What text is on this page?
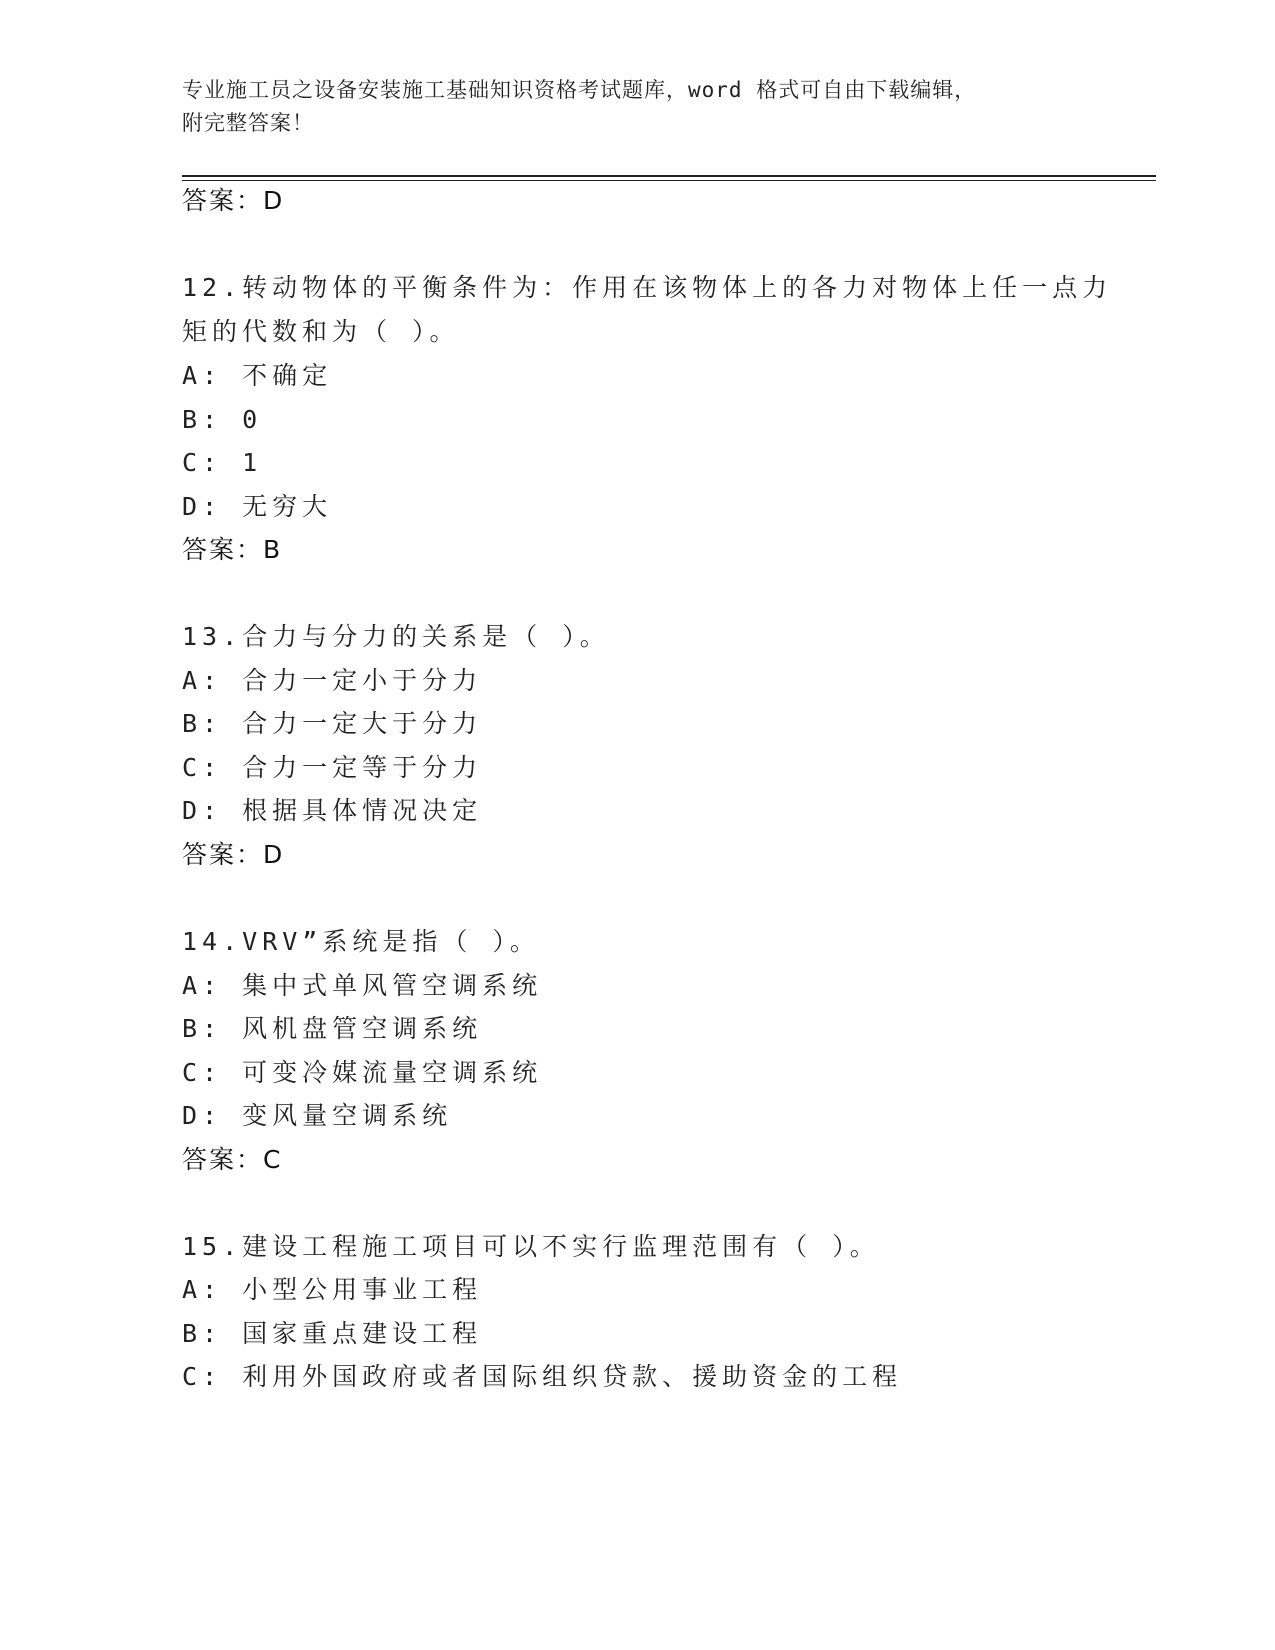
专业施工员之设备安装施工基础知识资格考试题库，word 格式可自由下载编辑，
附完整答案！
答案：D
12.转动物体的平衡条件为：作用在该物体上的各力对物体上任一点力
矩的代数和为（ ）。
A: 不确定
B: 0
C: 1
D: 无穷大
答案：B
13.合力与分力的关系是（ ）。
A: 合力一定小于分力
B: 合力一定大于分力
C: 合力一定等于分力
D: 根据具体情况决定
答案：D
14.VRV”系统是指（ ）。
A: 集中式单风管空调系统
B: 风机盘管空调系统
C: 可变冷媒流量空调系统
D: 变风量空调系统
答案：C
15.建设工程施工项目可以不实行监理范围有（ ）。
A: 小型公用事业工程
B: 国家重点建设工程
C: 利用外国政府或者国际组织贷款、援助资金的工程
